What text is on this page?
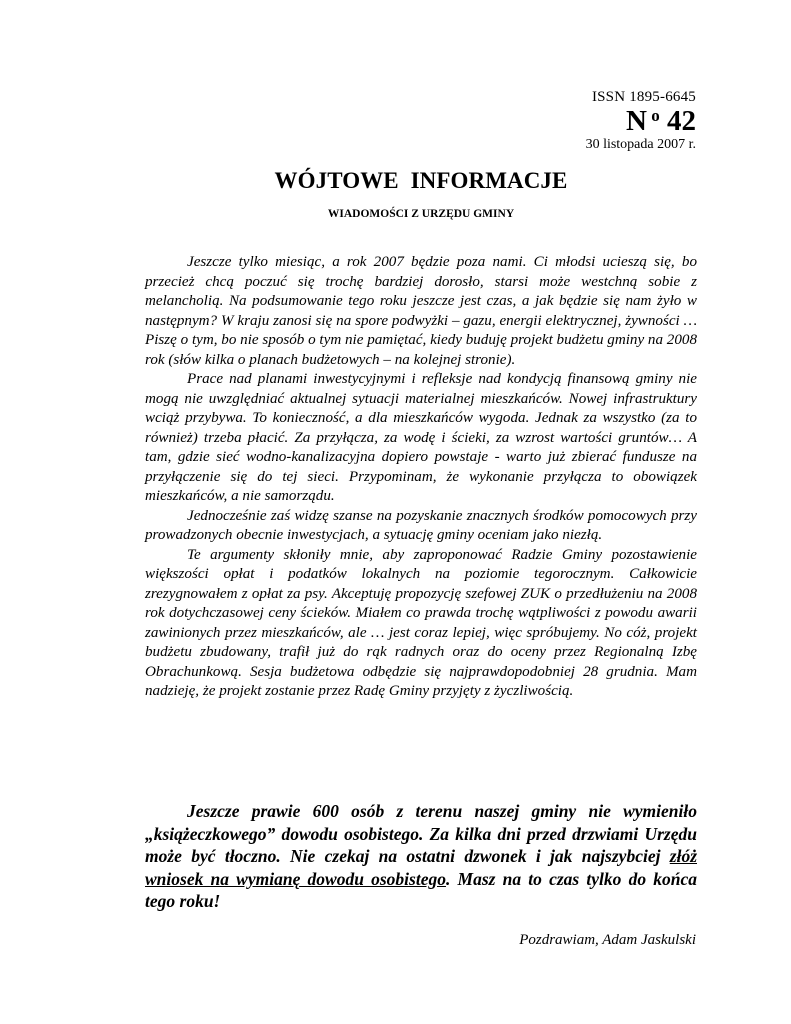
ISSN 1895-6645

N $^o$ 42

30 listopada 2007 r.

WÓJTOWE INFORMACJE
WIADOMOŚCI Z URZĘDU GMINY

Jeszcze tylko miesiąc, a rok 2007 będzie poza nami. Ci młodsi ucieszą się, bo przecież chcą poczuć się trochę bardziej dorosło, starsi może westchną sobie z melancholią. Na podsumowanie tego roku jeszcze jest czas, a jak będzie się nam żyło w następnym? W kraju zanosi się na spore podwyżki – gazu, energii elektrycznej, żywności … Piszę o tym, bo nie sposób o tym nie pamiętać, kiedy buduję projekt budżetu gminy na 2008 rok (słów kilka o planach budżetowych – na kolejnej stronie).

Prace nad planami inwestycyjnymi i refleksje nad kondycją finansową gminy nie mogą nie uwzględniać aktualnej sytuacji materialnej mieszkańców. Nowej infrastruktury wciąż przybywa. To konieczność, a dla mieszkańców wygoda. Jednak za wszystko (za to również) trzeba płacić. Za przyłącza, za wodę i ścieki, za wzrost wartości gruntów… A tam, gdzie sieć wodno-kanalizacyjna dopiero powstaje - warto już zbierać fundusze na przyłączenie się do tej sieci. Przypominam, że wykonanie przyłącza to obowiązek mieszkańców, a nie samorządu.

Jednocześnie zaś widzę szanse na pozyskanie znacznych środków pomocowych przy prowadzonych obecnie inwestycjach, a sytuację gminy oceniam jako niezłą.

Te argumenty skłoniły mnie, aby zaproponować Radzie Gminy pozostawienie większości opłat i podatków lokalnych na poziomie tegorocznym. Całkowicie zrezygnowałem z opłat za psy. Akceptuję propozycję szefowej ZUK o przedłużeniu na 2008 rok dotychczasowej ceny ścieków. Miałem co prawda trochę wątpliwości z powodu awarii zawinionych przez mieszkańców, ale … jest coraz lepiej, więc spróbujemy. No cóż, projekt budżetu zbudowany, trafił już do rąk radnych oraz do oceny przez Regionalną Izbę Obrachunkową. Sesja budżetowa odbędzie się najprawdopodobniej 28 grudnia. Mam nadzieję, że projekt zostanie przez Radę Gminy przyjęty z życzliwością.

Jeszcze prawie 600 osób z terenu naszej gminy nie wymieniło „książeczkowego” dowodu osobistego. Za kilka dni przed drzwiami Urzędu może być tłoczno. Nie czekaj na ostatni dzwonek i jak najszybciej złóż wniosek na wymianę dowodu osobistego. Masz na to czas tylko do końca tego roku!

Pozdrawiam, Adam Jaskulski
